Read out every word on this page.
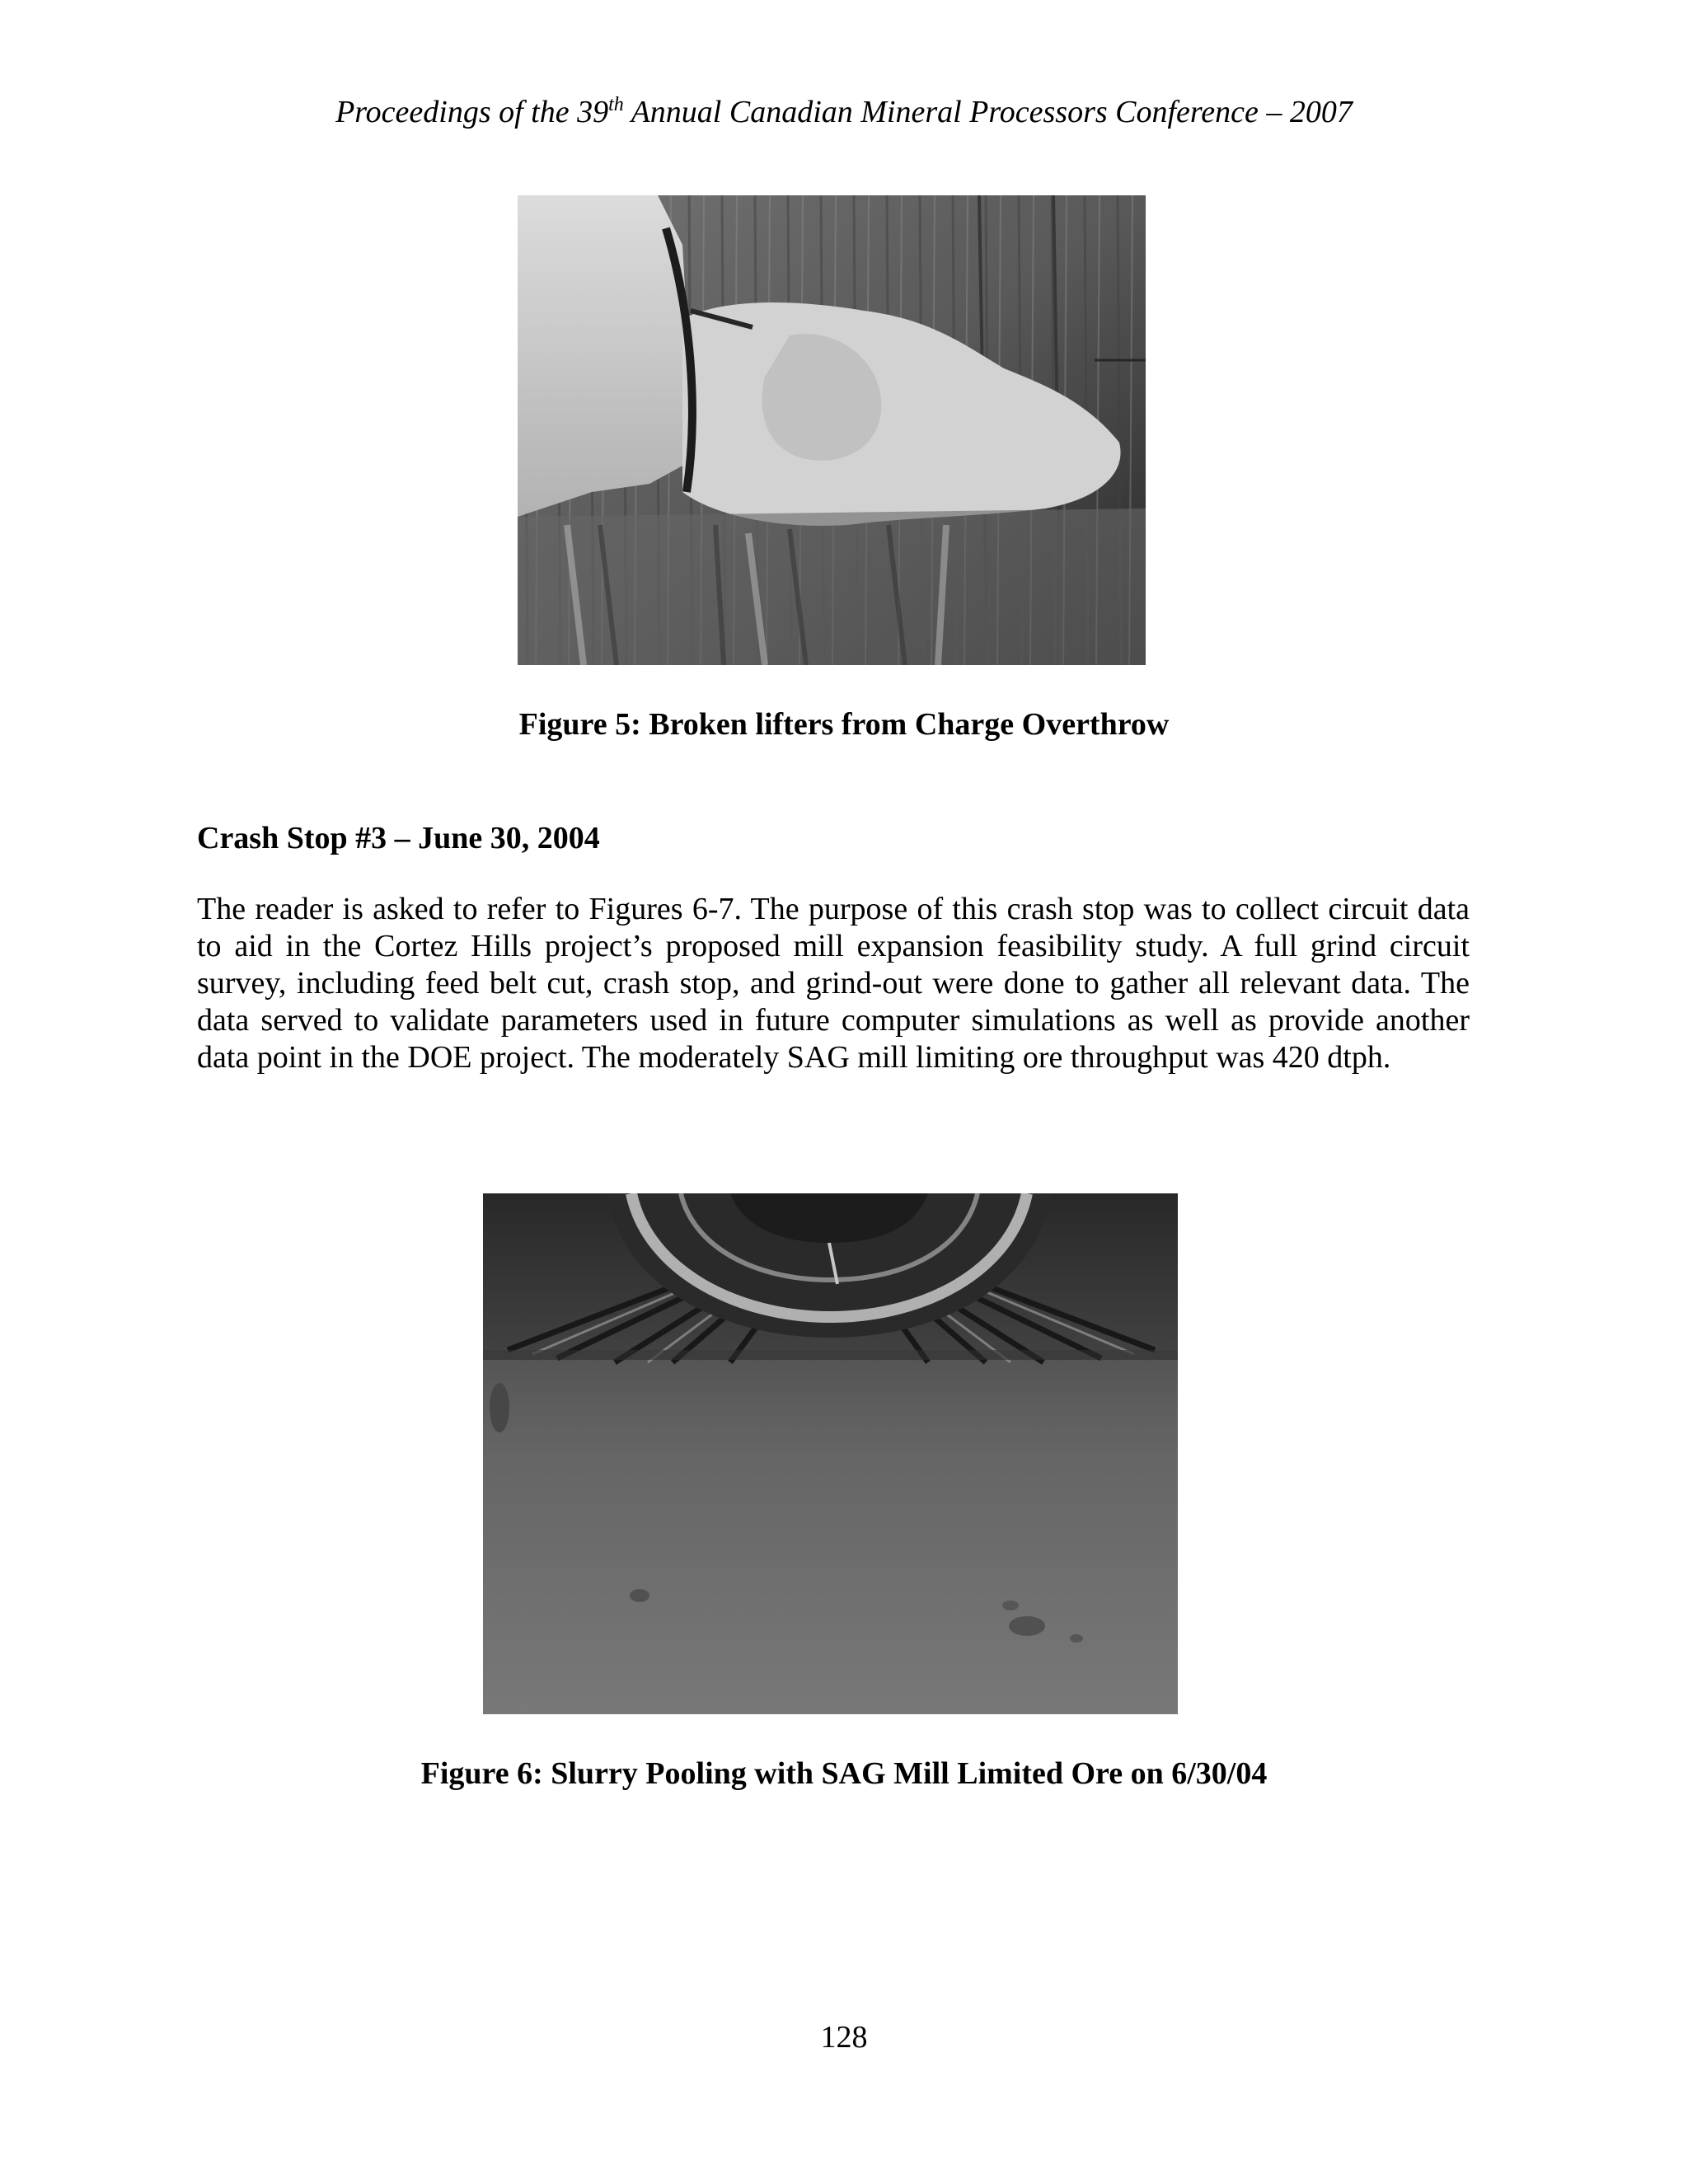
Proceedings of the 39th Annual Canadian Mineral Processors Conference – 2007
Figure 5: Broken lifters from Charge Overthrow
Crash Stop #3 – June 30, 2004
The reader is asked to refer to Figures 6-7. The purpose of this crash stop was to collect circuit data to aid in the Cortez Hills project’s proposed mill expansion feasibility study. A full grind circuit survey, including feed belt cut, crash stop, and grind-out were done to gather all relevant data. The data served to validate parameters used in future computer simulations as well as provide another data point in the DOE project. The moderately SAG mill limiting ore throughput was 420 dtph.
Figure 6: Slurry Pooling with SAG Mill Limited Ore on 6/30/04
128
